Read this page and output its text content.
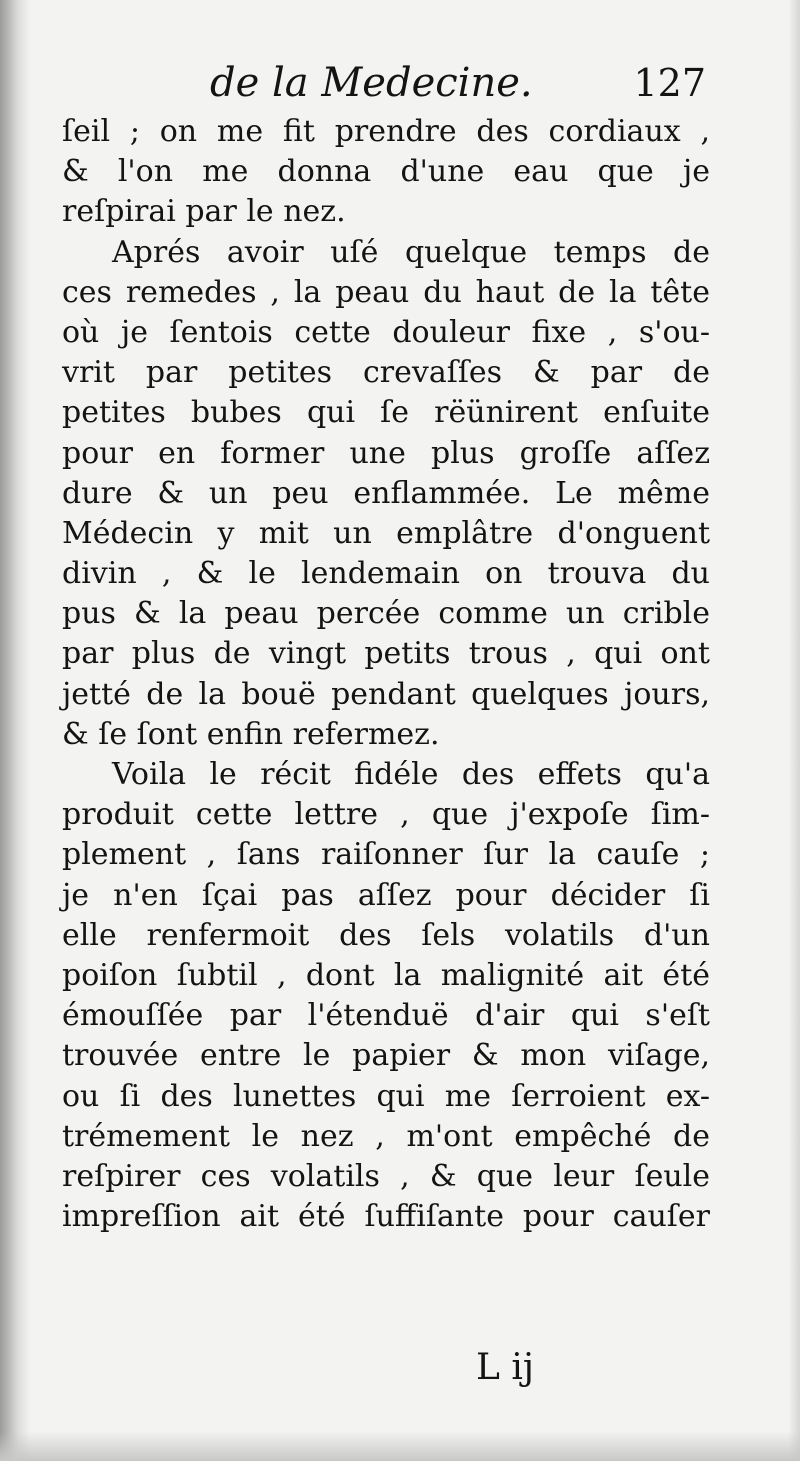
de la Medecine.	127
ſeil ; on me fit prendre des cordiaux ,
& l'on me donna d'une eau que je
reſpirai par le nez.
Aprés avoir uſé quelque temps de
ces remedes , la peau du haut de la tête
où je ſentois cette douleur fixe , s'ou-
vrit par petites crevaſſes & par de
petites bubes qui ſe rëünirent enſuite
pour en former une plus groſſe aſſez
dure & un peu enflammée. Le même
Médecin y mit un emplâtre d'onguent
divin , & le lendemain on trouva du
pus & la peau percée comme un crible
par plus de vingt petits trous , qui ont
jetté de la bouë pendant quelques jours,
& ſe ſont enfin refermez.
Voila le récit fidéle des effets qu'a
produit cette lettre , que j'expoſe ſim-
plement , ſans raiſonner ſur la cauſe ;
je n'en ſçai pas aſſez pour décider ſi
elle renfermoit des ſels volatils d'un
poiſon ſubtil , dont la malignité ait été
émouſſée par l'étenduë d'air qui s'eſt
trouvée entre le papier & mon viſage,
ou ſi des lunettes qui me ſerroient ex-
trémement le nez , m'ont empêché de
reſpirer ces volatils , & que leur ſeule
impreſſion ait été ſuffiſante pour cauſer
L ij
